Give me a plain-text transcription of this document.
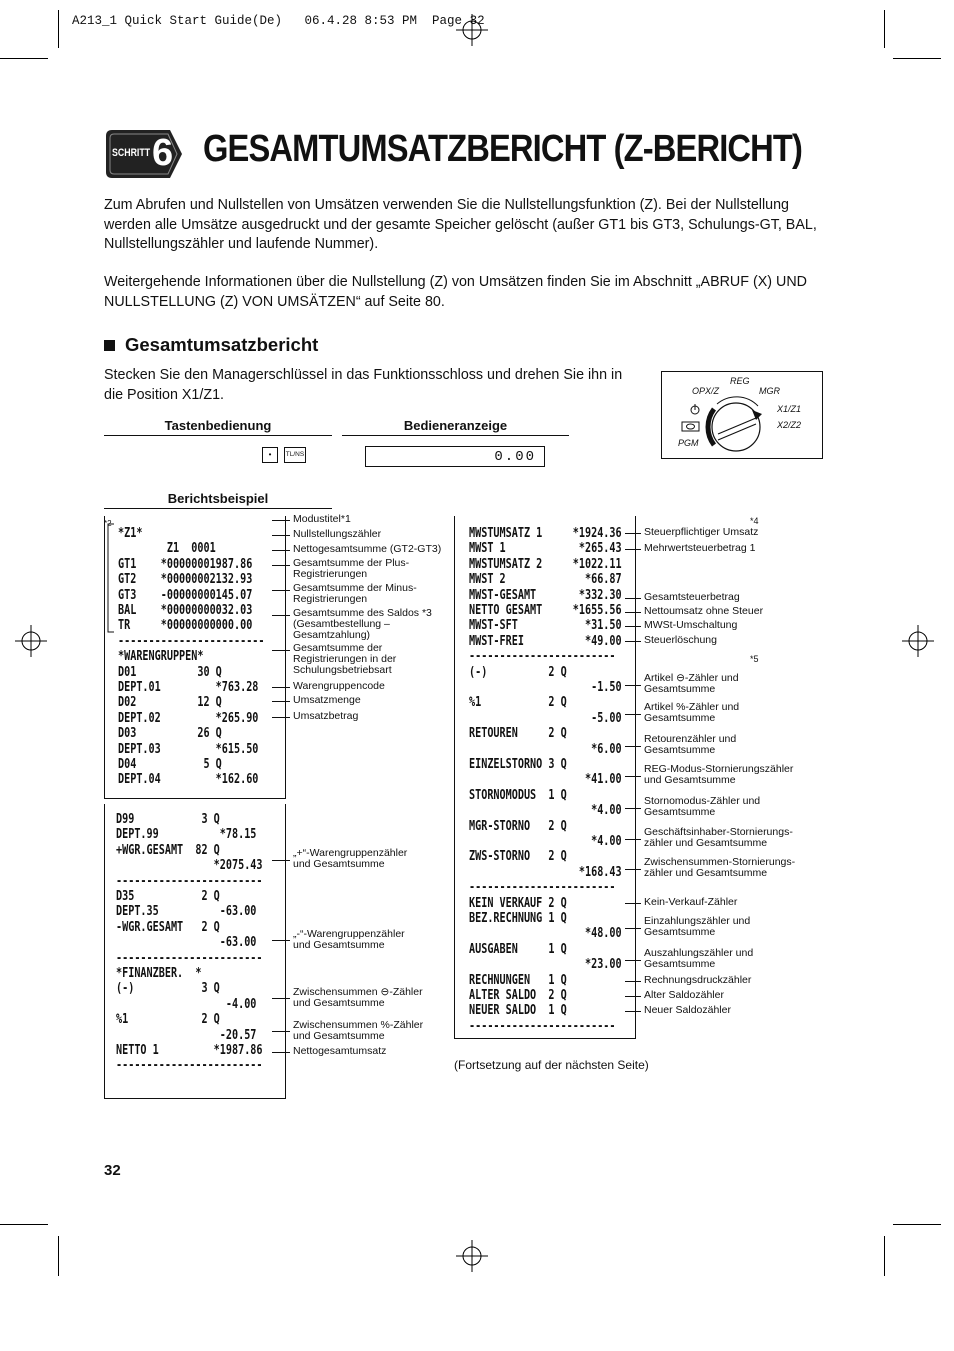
A213_1 Quick Start Guide(De)   06.4.28 8:53 PM  Page 32
SCHRITT 6 GESAMTUMSATZBERICHT (Z-BERICHT)
Zum Abrufen und Nullstellen von Umsätzen verwenden Sie die Nullstellungsfunktion (Z). Bei der Nullstellung werden alle Umsätze ausgedruckt und der gesamte Speicher gelöscht (außer GT1 bis GT3, Schulungs-GT, BAL, Nullstellungszähler und laufende Nummer).
Weitergehende Informationen über die Nullstellung (Z) von Umsätzen finden Sie im Abschnitt „ABRUF (X) UND NULLSTELLUNG (Z) VON UMSÄTZEN“ auf Seite 80.
Gesamtumsatzbericht
Stecken Sie den Managerschlüssel in das Funktionsschloss und drehen Sie ihn in die Position X1/Z1.
Tastenbedienung	Bedieneranzeige
•	TL/NS	0.00
REG
OPX/Z	MGR
X1/Z1
X2/Z2
PGM
Berichtsbeispiel
*2
*Z1*
Z1  0001
GT1    *00000001987.86
GT2    *00000002132.93
GT3    -00000000145.07
BAL    *00000000032.03
TR     *00000000000.00
------------------------
*WARENGRUPPEN*
D01          30 Q
DEPT.01         *763.28
D02          12 Q
DEPT.02         *265.90
D03          26 Q
DEPT.03         *615.50
D04           5 Q
DEPT.04         *162.60
D99           3 Q
DEPT.99          *78.15
+WGR.GESAMT  82 Q
*2075.43
------------------------
D35           2 Q
DEPT.35          -63.00
-WGR.GESAMT   2 Q
-63.00
------------------------
*FINANZBER.  *
(-)           3 Q
-4.00
%1            2 Q
-20.57
NETTO 1         *1987.86
------------------------
MWSTUMSATZ 1     *1924.36
MWST 1            *265.43
MWSTUMSATZ 2     *1022.11
MWST 2             *66.87
MWST-GESAMT       *332.30
NETTO GESAMT     *1655.56
MWST-SFT           *31.50
MWST-FREI          *49.00
------------------------
(-)          2 Q
-1.50
%1           2 Q
-5.00
RETOUREN     2 Q
*6.00
EINZELSTORNO 3 Q
*41.00
STORNOMODUS  1 Q
*4.00
MGR-STORNO   2 Q
*4.00
ZWS-STORNO   2 Q
*168.43
------------------------
KEIN VERKAUF 2 Q
BEZ.RECHNUNG 1 Q
*48.00
AUSGABEN     1 Q
*23.00
RECHNUNGEN   1 Q
ALTER SALDO  2 Q
NEUER SALDO  1 Q
------------------------
*4
*5
Modustitel*1
Nullstellungszähler
Nettogesamtsumme (GT2-GT3)
Gesamtsumme der Plus-
Registrierungen
Gesamtsumme der Minus-
Registrierungen
Gesamtsumme des Saldos *3
(Gesamtbestellung –
Gesamtzahlung)
Gesamtsumme der
Registrierungen in der
Schulungsbetriebsart
Warengruppencode
Umsatzmenge
Umsatzbetrag
„+“-Warengruppenzähler
und Gesamtsumme
„-“-Warengruppenzähler
und Gesamtsumme
Zwischensummen ⊖-Zähler
und Gesamtsumme
Zwischensummen %-Zähler
und Gesamtsumme
Nettogesamtumsatz
Steuerpflichtiger Umsatz
Mehrwertsteuerbetrag 1
Gesamtsteuerbetrag
Nettoumsatz ohne Steuer
MWSt-Umschaltung
Steuerlöschung
Artikel ⊖-Zähler und
Gesamtsumme
Artikel %-Zähler und
Gesamtsumme
Retourenzähler und
Gesamtsumme
REG-Modus-Stornierungszähler
und Gesamtsumme
Stornomodus-Zähler und
Gesamtsumme
Geschäftsinhaber-Stornierungs-
zähler und Gesamtsumme
Zwischensummen-Stornierungs-
zähler und Gesamtsumme
Kein-Verkauf-Zähler
Einzahlungszähler und
Gesamtsumme
Auszahlungszähler und
Gesamtsumme
Rechnungsdruckzähler
Alter Saldozähler
Neuer Saldozähler
(Fortsetzung auf der nächsten Seite)
32
